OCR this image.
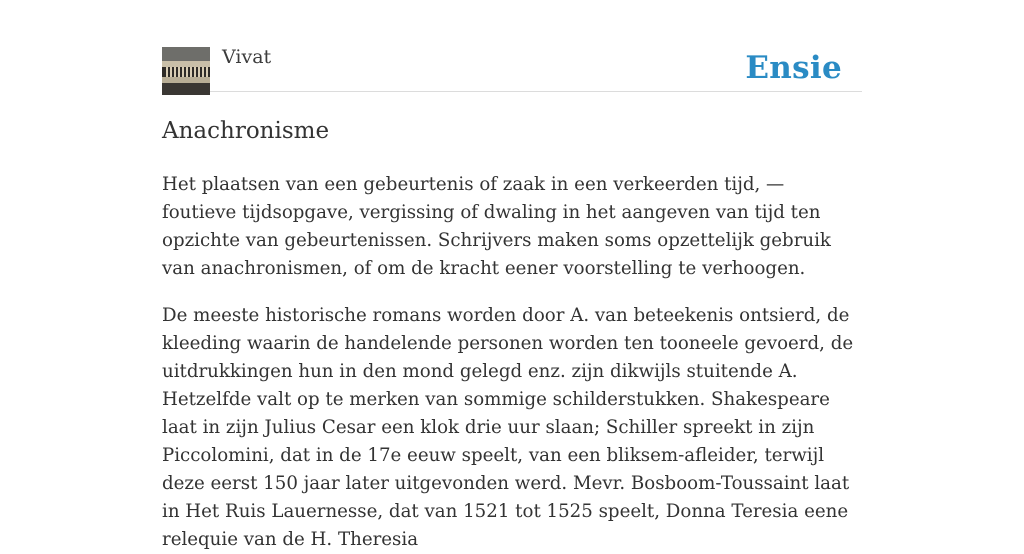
Vivat	Ensie
Anachronisme

Het plaatsen van een gebeurtenis of zaak in een verkeerden tijd, — foutieve tijdsopgave, vergissing of dwaling in het aangeven van tijd ten opzichte van gebeurtenissen. Schrijvers maken soms opzettelijk gebruik van anachronismen, of om de kracht eener voorstelling te verhoogen.

De meeste historische romans worden door A. van beteekenis ontsierd, de kleeding waarin de handelende personen worden ten tooneele gevoerd, de uitdrukkingen hun in den mond gelegd enz. zijn dikwijls stuitende A. Hetzelfde valt op te merken van sommige schilderstukken. Shakespeare laat in zijn Julius Cesar een klok drie uur slaan; Schiller spreekt in zijn Piccolomini, dat in de 17e eeuw speelt, van een bliksem-afleider, terwijl deze eerst 150 jaar later uitgevonden werd. Mevr. Bosboom-Toussaint laat in Het Ruis Lauernesse, dat van 1521 tot 1525 speelt, Donna Teresia eene relequie van de H. Theresia
